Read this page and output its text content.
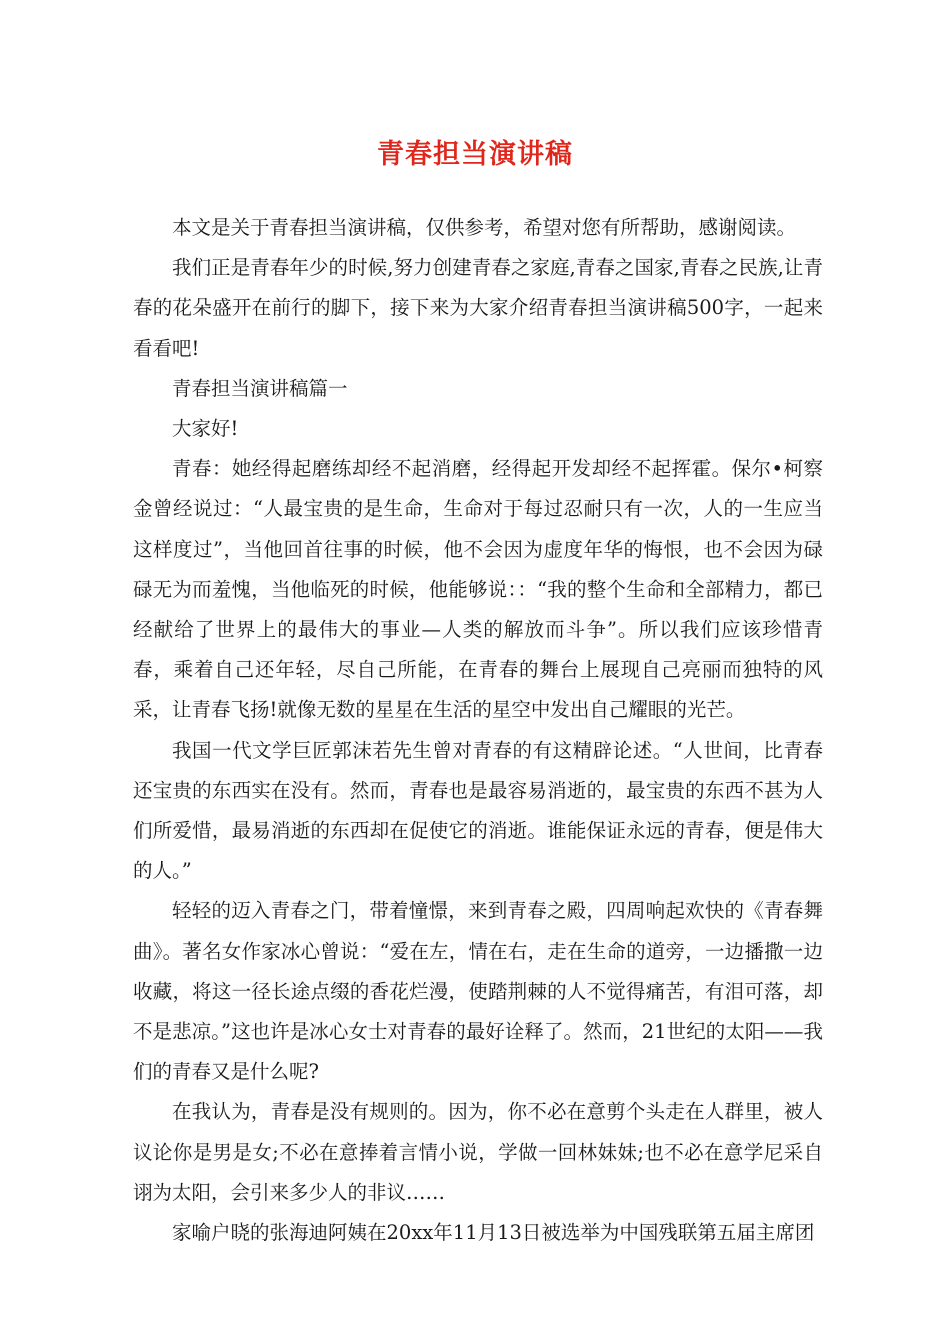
青春担当演讲稿

本文是关于青春担当演讲稿，仅供参考，希望对您有所帮助，感谢阅读。

我们正是青春年少的时候,努力创建青春之家庭,青春之国家,青春之民族,让青春的花朵盛开在前行的脚下，接下来为大家介绍青春担当演讲稿500字，一起来看看吧!

青春担当演讲稿篇一

大家好!

青春：她经得起磨练却经不起消磨，经得起开发却经不起挥霍。保尔•柯察金曾经说过：“人最宝贵的是生命，生命对于每过忍耐只有一次，人的一生应当这样度过”，当他回首往事的时候，他不会因为虚度年华的悔恨，也不会因为碌碌无为而羞愧，当他临死的时候，他能够说：：“我的整个生命和全部精力，都已经献给了世界上的最伟大的事业—人类的解放而斗争”。所以我们应该珍惜青春，乘着自己还年轻，尽自己所能，在青春的舞台上展现自己亮丽而独特的风采，让青春飞扬!就像无数的星星在生活的星空中发出自己耀眼的光芒。

我国一代文学巨匠郭沫若先生曾对青春的有这精辟论述。“人世间，比青春还宝贵的东西实在没有。然而，青春也是最容易消逝的，最宝贵的东西不甚为人们所爱惜，最易消逝的东西却在促使它的消逝。谁能保证永远的青春，便是伟大的人。”

轻轻的迈入青春之门，带着憧憬，来到青春之殿，四周响起欢快的《青春舞曲》。著名女作家冰心曾说：“爱在左，情在右，走在生命的道旁，一边播撒一边收藏，将这一径长途点缀的香花烂漫，使踏荆棘的人不觉得痛苦，有泪可落，却不是悲凉。”这也许是冰心女士对青春的最好诠释了。然而，21世纪的太阳——我们的青春又是什么呢?

在我认为，青春是没有规则的。因为，你不必在意剪个头走在人群里，被人议论你是男是女;不必在意捧着言情小说，学做一回林妹妹;也不必在意学尼采自诩为太阳，会引来多少人的非议……

家喻户晓的张海迪阿姨在20xx年11月13日被选举为中国残联第五届主席团
